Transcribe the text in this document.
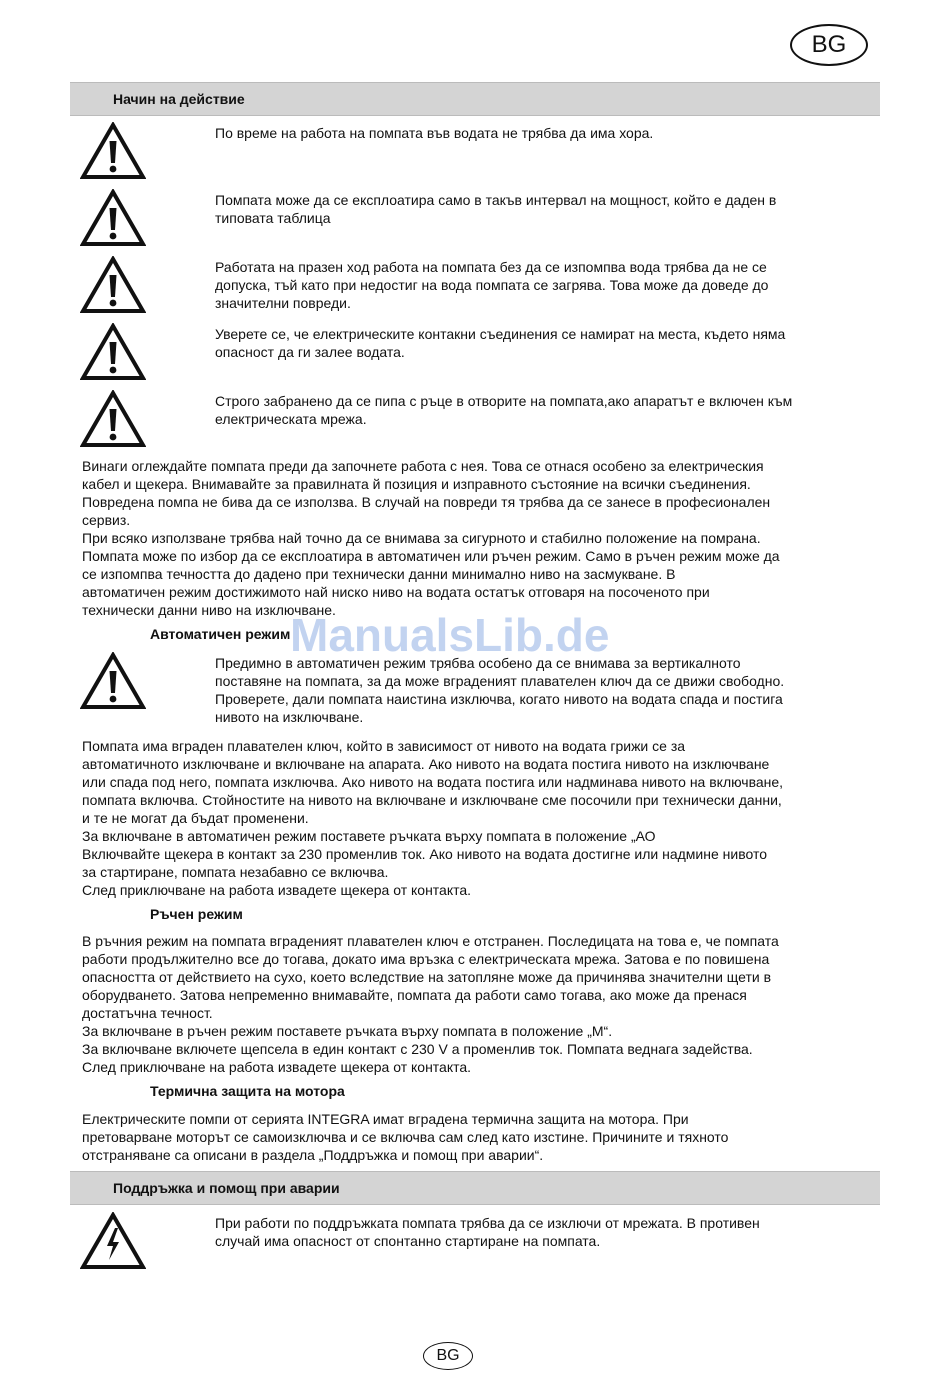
BG
Начин на действие
По време на работа на помпата във водата не трябва да има хора.
Помпата може да се експлоатира само в такъв интервал на мощност, който е даден в
типовата таблица
Работата на празен ход работа на помпата без да се изпомпва вода трябва да не се
допуска, тъй като при недостиг на вода помпата се загрява. Това може да доведе до
значителни повреди.
Уверете се, че електрическите контакни съединения се намират на места, където няма
опасност да ги залее водата.
Строго забранено да се пипа с ръце в отворите на помпата,ако апаратът е включен към
електрическата мрежа.
Винаги оглеждайте помпата преди да започнете работа с нея. Това се отнася особено за електрическия
кабел и щекера. Внимавайте за правилната й позиция и изправното състояние на всички съединения.
Повредена помпа не бива да се използва. В случай на повреди тя трябва да се занесе в професионален
сервиз.
При всяко използване трябва най точно да се внимава за сигурното и стабилно положение на помрана.
Помпата може по избор да се експлоатира в автоматичен или ръчен режим. Само в ръчен режим може да
се изпомпва течността до дадено при технически данни минимално ниво на засмукване. В
автоматичен режим достижимото най ниско ниво на водата остатък отговаря на посоченото при
технически данни ниво на изключване.
Автоматичен режим ManualsLib.de
Предимно в автоматичен режим трябва особено да се внимава за вертикалното
поставяне на помпата, за да може вграденият плавателен ключ да се движи свободно.
Проверете, дали помпата наистина изключва, когато нивото на водата спада и постига
нивото на изключване.
Помпата има вграден плавателен ключ, който в зависимост от нивото на водата грижи се за
автоматичното изключване и включване на апарата. Ако нивото на водата постига нивото на изключване
или спада под него, помпата изключва. Ако нивото на водата постига или надминава нивото на включване,
помпата включва. Стойностите на нивото на включване и изключване сме посочили при технически данни,
и те не могат да бъдат променени.
За включване в автоматичен режим поставете ръчката върху помпата в положение „АО
Включвайте щекера в контакт за 230 променлив ток. Ако нивото на водата достигне или надмине нивото
за стартиране, помпата незабавно се включва.
След приключване на работа извадете щекера от контакта.
Ръчен режим
В ръчния режим на помпата вграденият плавателен ключ е отстранен. Последицата на това е, че помпата
работи продължително все до тогава, докато има връзка с електрическата мрежа. Затова е по повишена
опасността от действието на сухо, което вследствие на затопляне може да причинява значителни щети в
оборудването. Затова непременно внимавайте, помпата да работи само тогава, ако може да пренася
достатъчна течност.
За включване в ръчен режим поставете ръчката върху помпата в положение „М“.
За включване включете щепсела в един контакт с 230 V а променлив ток. Помпата веднага задейства.
След приключване на работа извадете щекера от контакта.
Термична защита на мотора
Електрическите помпи от серията INTEGRA имат вградена термична защита на мотора. При
претоварване моторът се самоизключва и се включва сам след като изстине. Причините и тяхното
отстраняване са описани в раздела „Поддръжка и помощ при аварии“.
Поддръжка и помощ при аварии
При работи по поддръжката помпата трябва да се изключи от мрежата. В противен
случай има опасност от спонтанно стартиране на помпата.
BG
